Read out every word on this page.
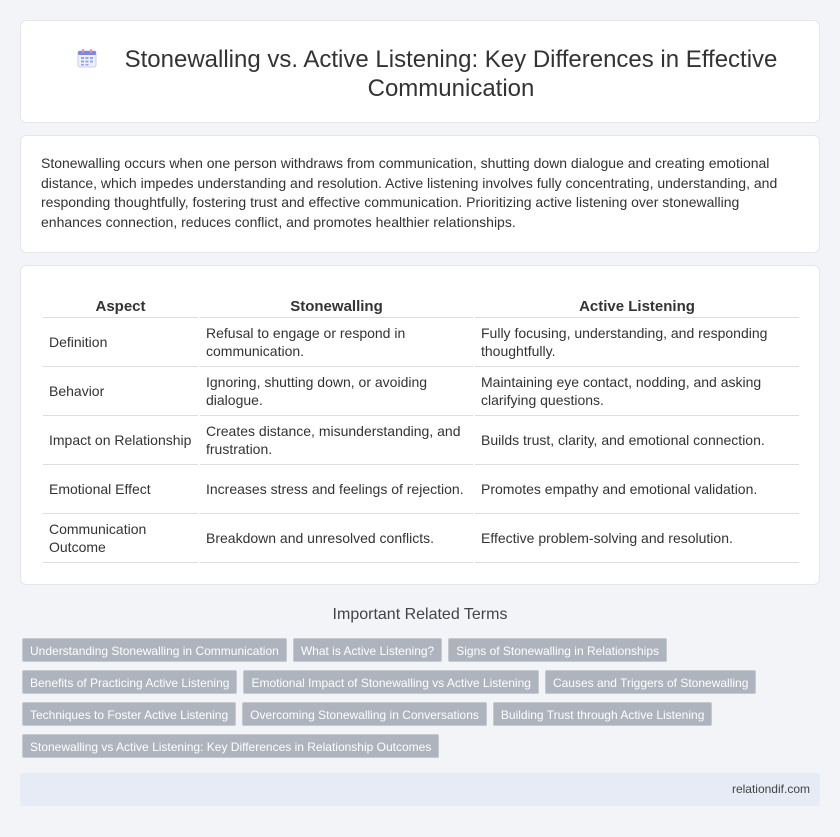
Stonewalling vs. Active Listening: Key Differences in Effective Communication

Stonewalling occurs when one person withdraws from communication, shutting down dialogue and creating emotional distance, which impedes understanding and resolution. Active listening involves fully concentrating, understanding, and responding thoughtfully, fostering trust and effective communication. Prioritizing active listening over stonewalling enhances connection, reduces conflict, and promotes healthier relationships.

Aspect	Stonewalling	Active Listening
Definition	Refusal to engage or respond in communication.	Fully focusing, understanding, and responding thoughtfully.
Behavior	Ignoring, shutting down, or avoiding dialogue.	Maintaining eye contact, nodding, and asking clarifying questions.
Impact on Relationship	Creates distance, misunderstanding, and frustration.	Builds trust, clarity, and emotional connection.
Emotional Effect	Increases stress and feelings of rejection.	Promotes empathy and emotional validation.
Communication Outcome	Breakdown and unresolved conflicts.	Effective problem-solving and resolution.
Important Related Terms
Understanding Stonewalling in Communication	What is Active Listening?	Signs of Stonewalling in Relationships
Benefits of Practicing Active Listening	Emotional Impact of Stonewalling vs Active Listening	Causes and Triggers of Stonewalling
Techniques to Foster Active Listening	Overcoming Stonewalling in Conversations	Building Trust through Active Listening
Stonewalling vs Active Listening: Key Differences in Relationship Outcomes
relationdif.com
